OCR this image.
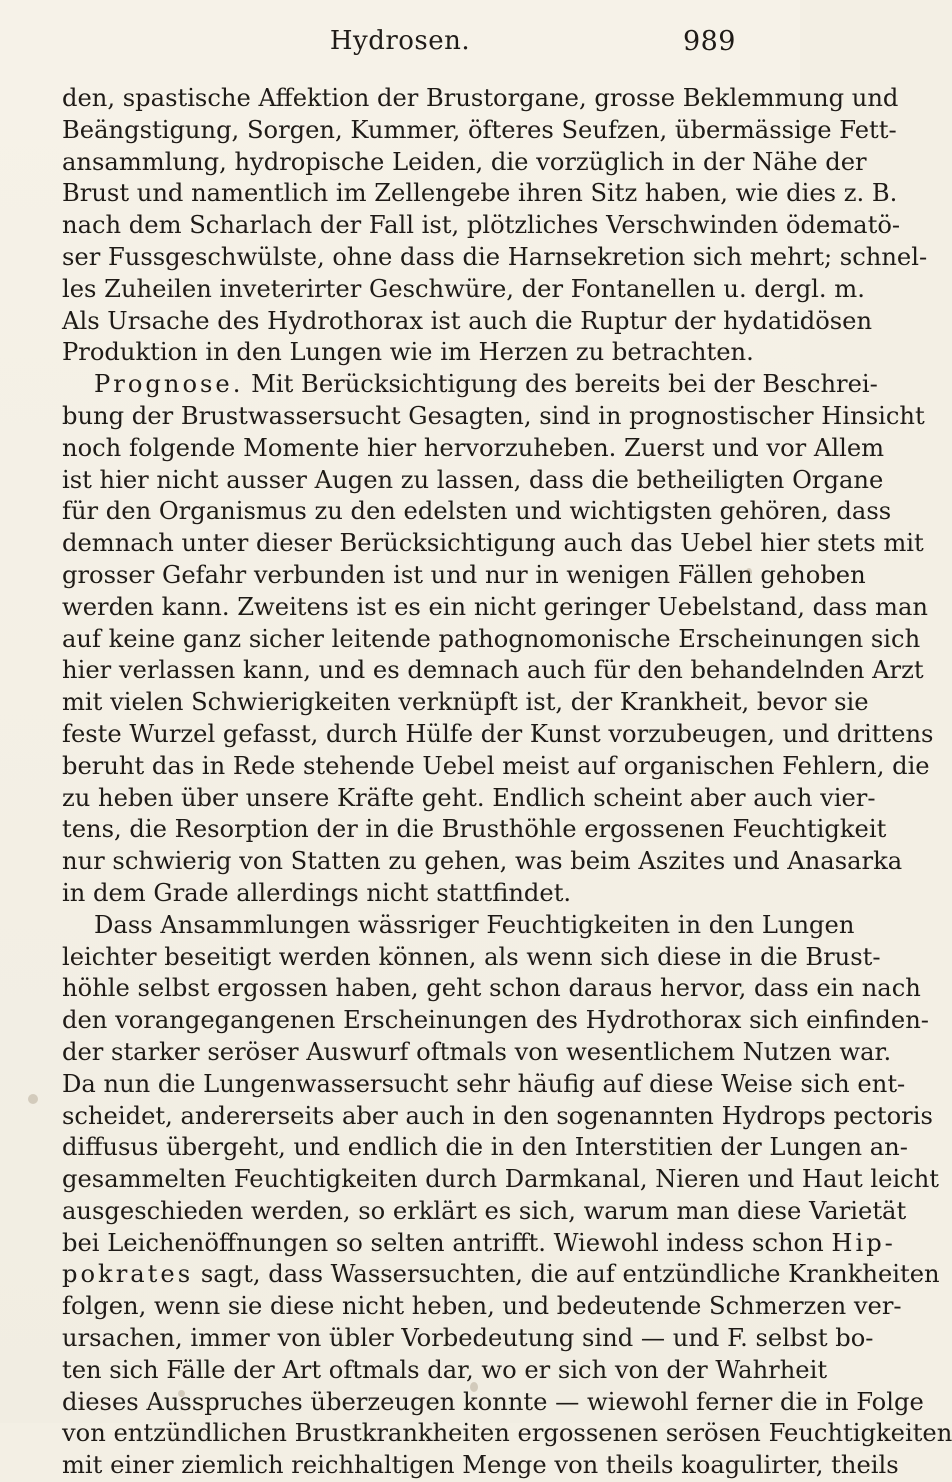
Hydrosen.	989
den, spastische Affektion der Brustorgane, grosse Beklemmung und
Beängstigung, Sorgen, Kummer, öfteres Seufzen, übermässige Fett-
ansammlung, hydropische Leiden, die vorzüglich in der Nähe der
Brust und namentlich im Zellengebe ihren Sitz haben, wie dies z. B.
nach dem Scharlach der Fall ist, plötzliches Verschwinden ödematö-
ser Fussgeschwülste, ohne dass die Harnsekretion sich mehrt; schnel-
les Zuheilen inveterirter Geschwüre, der Fontanellen u. dergl. m.
Als Ursache des Hydrothorax ist auch die Ruptur der hydatidösen
Produktion in den Lungen wie im Herzen zu betrachten.
Prognose. Mit Berücksichtigung des bereits bei der Beschrei-
bung der Brustwassersucht Gesagten, sind in prognostischer Hinsicht
noch folgende Momente hier hervorzuheben. Zuerst und vor Allem
ist hier nicht ausser Augen zu lassen, dass die betheiligten Organe
für den Organismus zu den edelsten und wichtigsten gehören, dass
demnach unter dieser Berücksichtigung auch das Uebel hier stets mit
grosser Gefahr verbunden ist und nur in wenigen Fällen gehoben
werden kann. Zweitens ist es ein nicht geringer Uebelstand, dass man
auf keine ganz sicher leitende pathognomonische Erscheinungen sich
hier verlassen kann, und es demnach auch für den behandelnden Arzt
mit vielen Schwierigkeiten verknüpft ist, der Krankheit, bevor sie
feste Wurzel gefasst, durch Hülfe der Kunst vorzubeugen, und drittens
beruht das in Rede stehende Uebel meist auf organischen Fehlern, die
zu heben über unsere Kräfte geht. Endlich scheint aber auch vier-
tens, die Resorption der in die Brusthöhle ergossenen Feuchtigkeit
nur schwierig von Statten zu gehen, was beim Aszites und Anasarka
in dem Grade allerdings nicht stattfindet.
Dass Ansammlungen wässriger Feuchtigkeiten in den Lungen
leichter beseitigt werden können, als wenn sich diese in die Brust-
höhle selbst ergossen haben, geht schon daraus hervor, dass ein nach
den vorangegangenen Erscheinungen des Hydrothorax sich einfinden-
der starker seröser Auswurf oftmals von wesentlichem Nutzen war.
Da nun die Lungenwassersucht sehr häufig auf diese Weise sich ent-
scheidet, andererseits aber auch in den sogenannten Hydrops pectoris
diffusus übergeht, und endlich die in den Interstitien der Lungen an-
gesammelten Feuchtigkeiten durch Darmkanal, Nieren und Haut leicht
ausgeschieden werden, so erklärt es sich, warum man diese Varietät
bei Leichenöffnungen so selten antrifft. Wiewohl indess schon Hip-
pokrates sagt, dass Wassersuchten, die auf entzündliche Krankheiten
folgen, wenn sie diese nicht heben, und bedeutende Schmerzen ver-
ursachen, immer von übler Vorbedeutung sind — und F. selbst bo-
ten sich Fälle der Art oftmals dar, wo er sich von der Wahrheit
dieses Ausspruches überzeugen konnte — wiewohl ferner die in Folge
von entzündlichen Brustkrankheiten ergossenen serösen Feuchtigkeiten
mit einer ziemlich reichhaltigen Menge von theils koagulirter, theils
